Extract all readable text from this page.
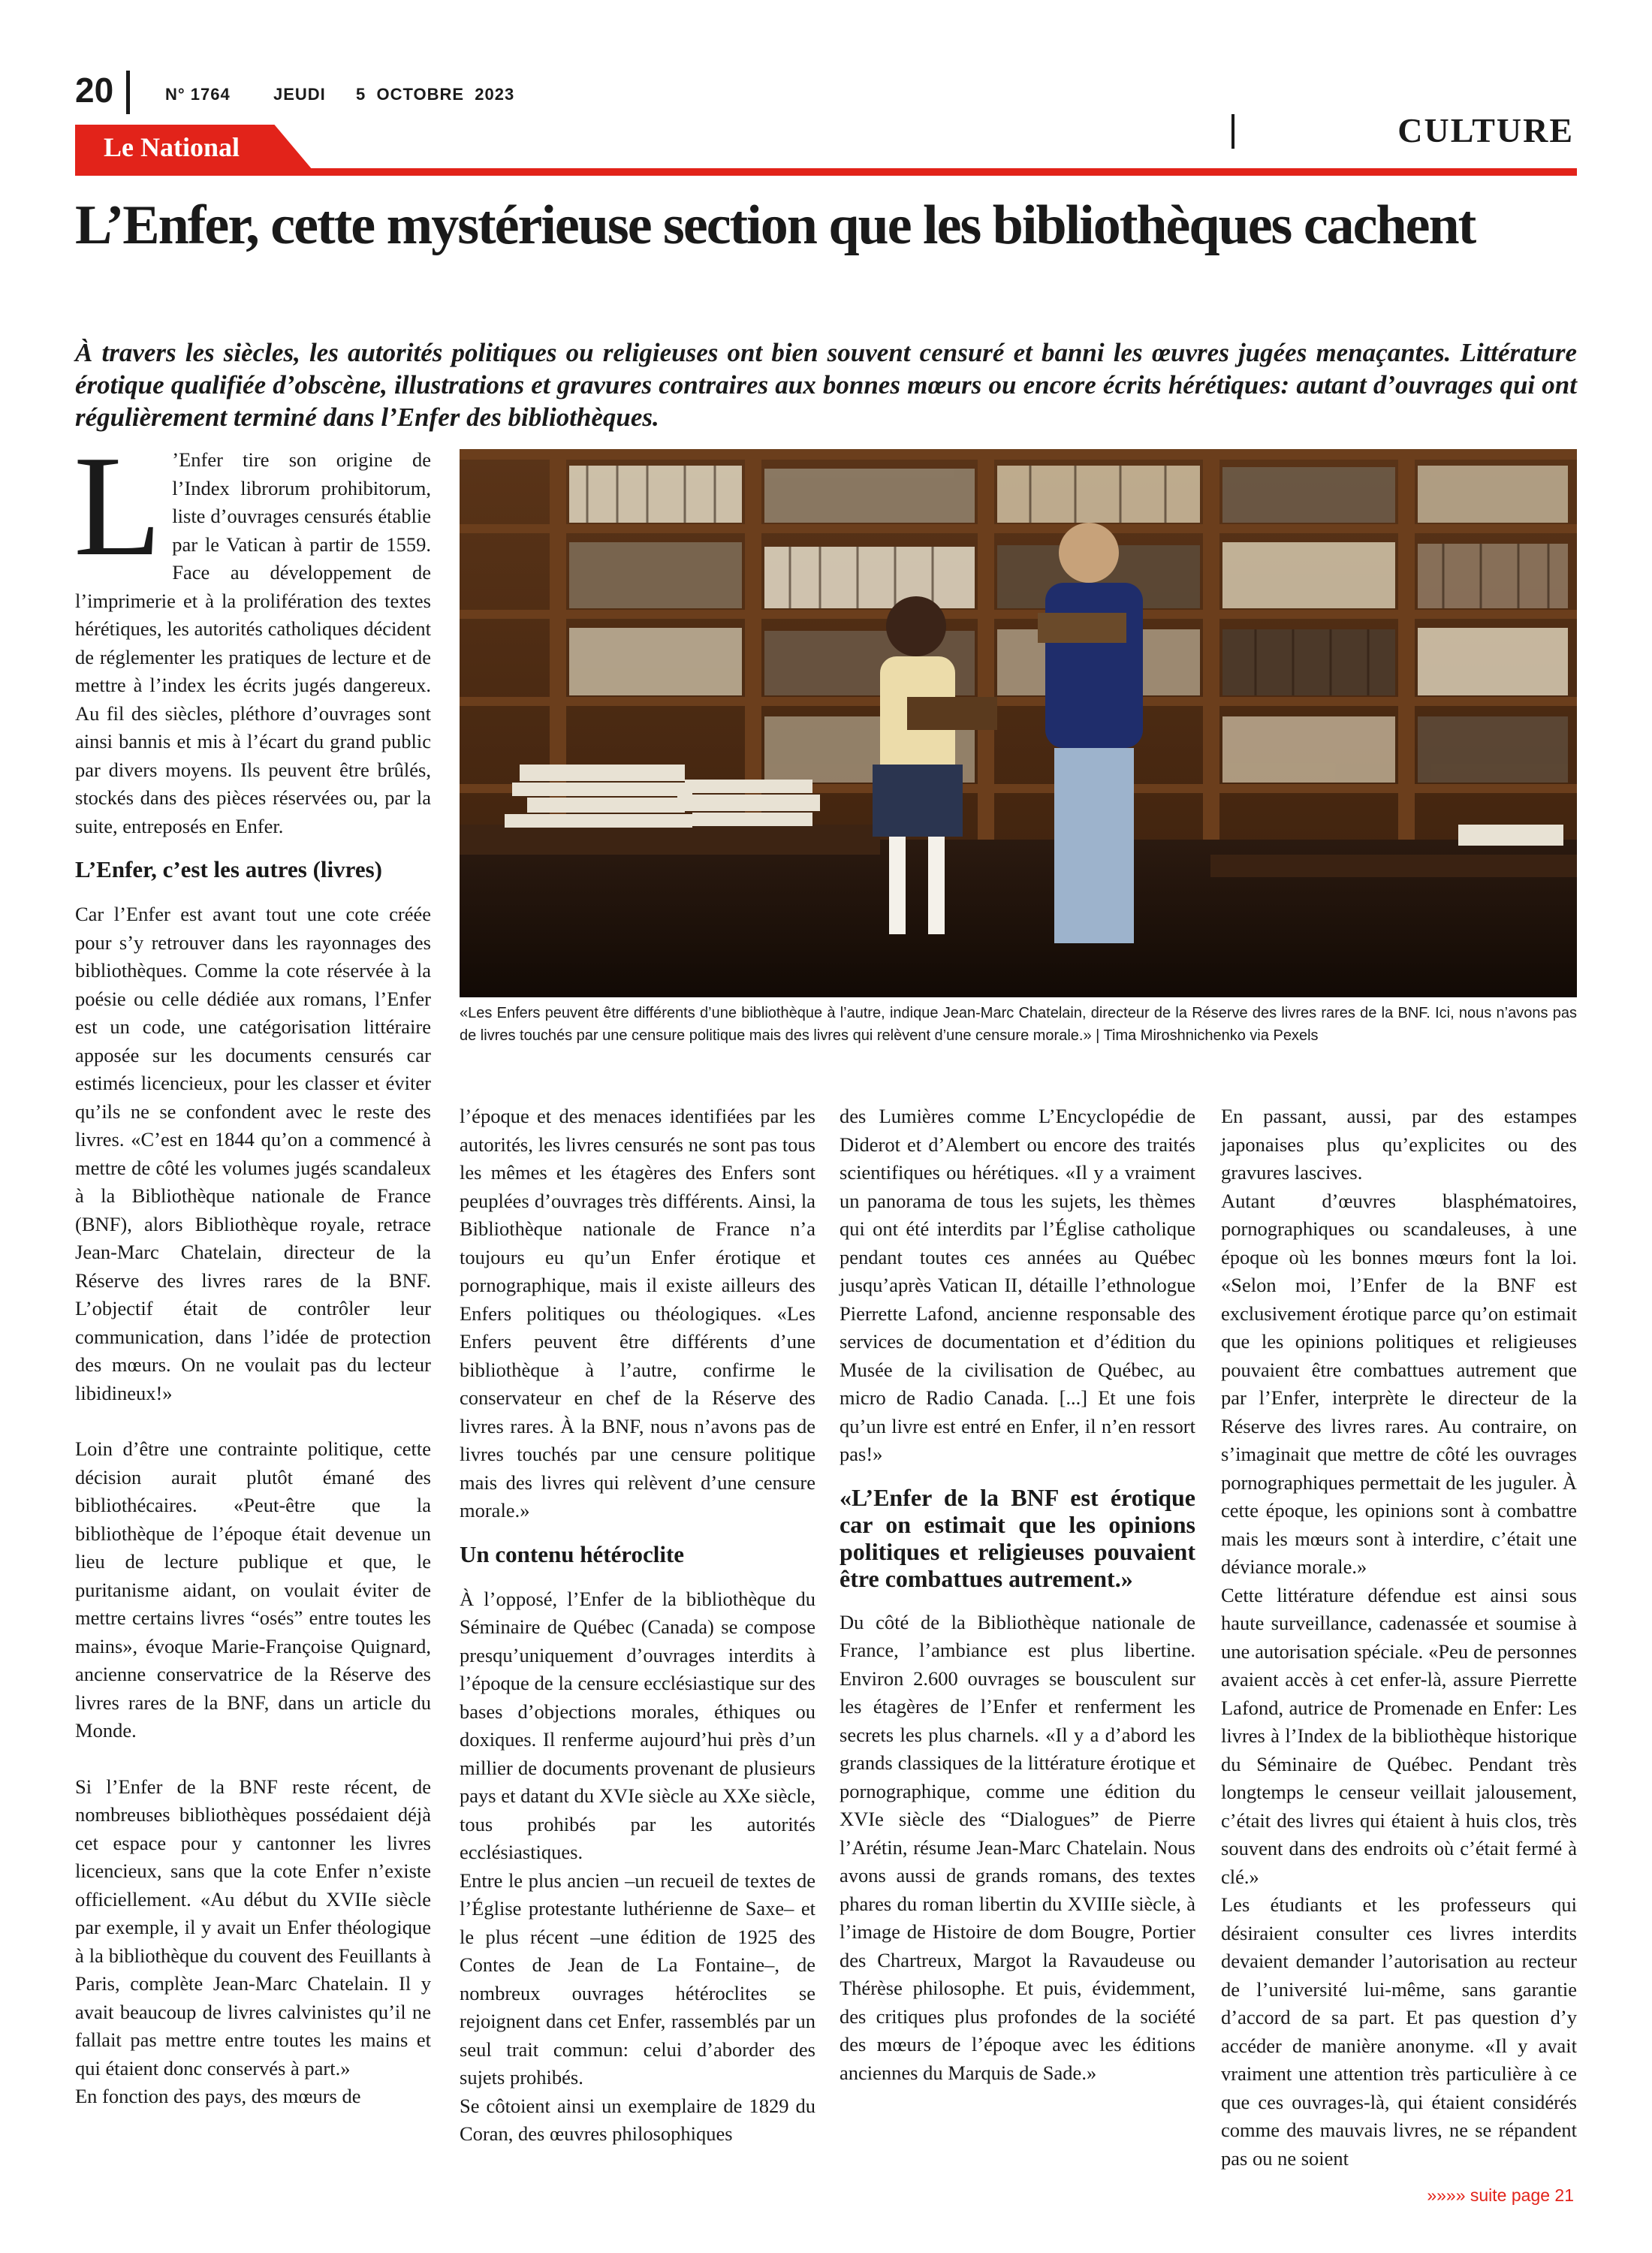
20	N° 1764	JEUDI 5  OCTOBRE  2023
CULTURE
Le National
L’Enfer, cette mystérieuse section que les bibliothèques cachent

À travers les siècles, les autorités politiques ou religieuses ont bien souvent censuré et banni les œuvres jugées menaçantes. Littérature érotique qualifiée d’obscène, illustrations et gravures contraires aux bonnes mœurs ou encore écrits hérétiques: autant d’ouvrages qui ont régulièrement terminé dans l’Enfer des bibliothèques.

L ’Enfer tire son origine de l’Index librorum prohibitorum, liste d’ouvrages censurés établie par le Vatican à partir de 1559. Face au développement de l’imprimerie et à la prolifération des textes hérétiques, les autorités catholiques décident de réglementer les pratiques de lecture et de mettre à l’index les écrits jugés dangereux. Au fil des siècles, pléthore d’ouvrages sont ainsi bannis et mis à l’écart du grand public par divers moyens. Ils peuvent être brûlés, stockés dans des pièces réservées ou, par la suite, entreposés en Enfer.

L’Enfer, c’est les autres (livres)

Car l’Enfer est avant tout une cote créée pour s’y retrouver dans les rayonnages des bibliothèques. Comme la cote réservée à la poésie ou celle dédiée aux romans, l’Enfer est un code, une catégorisation littéraire apposée sur les documents censurés car estimés licencieux, pour les classer et éviter qu’ils ne se confondent avec le reste des livres. «C’est en 1844 qu’on a commencé à mettre de côté les volumes jugés scandaleux à la Bibliothèque nationale de France (BNF), alors Bibliothèque royale, retrace Jean-Marc Chatelain, directeur de la Réserve des livres rares de la BNF. L’objectif était de contrôler leur communication, dans l’idée de protection des mœurs. On ne voulait pas du lecteur libidineux!»

Loin d’être une contrainte politique, cette décision aurait plutôt émané des bibliothécaires. «Peut-être que la bibliothèque de l’époque était devenue un lieu de lecture publique et que, le puritanisme aidant, on voulait éviter de mettre certains livres “osés” entre toutes les mains», évoque Marie-Françoise Quignard, ancienne conservatrice de la Réserve des livres rares de la BNF, dans un article du Monde.

Si l’Enfer de la BNF reste récent, de nombreuses bibliothèques possédaient déjà cet espace pour y cantonner les livres licencieux, sans que la cote Enfer n’existe officiellement. «Au début du XVIIe siècle par exemple, il y avait un Enfer théologique à la bibliothèque du couvent des Feuillants à Paris, complète Jean-Marc Chatelain. Il y avait beaucoup de livres calvinistes qu’il ne fallait pas mettre entre toutes les mains et qui étaient donc conservés à part.»

En fonction des pays, des mœurs de

«Les Enfers peuvent être différents d’une bibliothèque à l’autre, indique Jean-Marc Chatelain, directeur de la Réserve des livres rares de la BNF. Ici, nous n’avons pas de livres touchés par une censure politique mais des livres qui relèvent d’une censure morale.» | Tima Miroshnichenko via Pexels

l’époque et des menaces identifiées par les autorités, les livres censurés ne sont pas tous les mêmes et les étagères des Enfers sont peuplées d’ouvrages très différents. Ainsi, la Bibliothèque nationale de France n’a toujours eu qu’un Enfer érotique et pornographique, mais il existe ailleurs des Enfers politiques ou théologiques. «Les Enfers peuvent être différents d’une bibliothèque à l’autre, confirme le conservateur en chef de la Réserve des livres rares. À la BNF, nous n’avons pas de livres touchés par une censure politique mais des livres qui relèvent d’une censure morale.»

Un contenu hétéroclite

À l’opposé, l’Enfer de la bibliothèque du Séminaire de Québec (Canada) se compose presqu’uniquement d’ouvrages interdits à l’époque de la censure ecclésiastique sur des bases d’objections morales, éthiques ou doxiques. Il renferme aujourd’hui près d’un millier de documents provenant de plusieurs pays et datant du XVIe siècle au XXe siècle, tous prohibés par les autorités ecclésiastiques.

Entre le plus ancien –un recueil de textes de l’Église protestante luthérienne de Saxe– et le plus récent –une édition de 1925 des Contes de Jean de La Fontaine–, de nombreux ouvrages hétéroclites se rejoignent dans cet Enfer, rassemblés par un seul trait commun: celui d’aborder des sujets prohibés.

Se côtoient ainsi un exemplaire de 1829 du Coran, des œuvres philosophiques

des Lumières comme L’Encyclopédie de Diderot et d’Alembert ou encore des traités scientifiques ou hérétiques. «Il y a vraiment un panorama de tous les sujets, les thèmes qui ont été interdits par l’Église catholique pendant toutes ces années au Québec jusqu’après Vatican II, détaille l’ethnologue Pierrette Lafond, ancienne responsable des services de documentation et d’édition du Musée de la civilisation de Québec, au micro de Radio Canada. [...] Et une fois qu’un livre est entré en Enfer, il n’en ressort pas!»

«L’Enfer de la BNF est érotique car on estimait que les opinions politiques et religieuses pouvaient être combattues autrement.»

Du côté de la Bibliothèque nationale de France, l’ambiance est plus libertine. Environ 2.600 ouvrages se bousculent sur les étagères de l’Enfer et renferment les secrets les plus charnels. «Il y a d’abord les grands classiques de la littérature érotique et pornographique, comme une édition du XVIe siècle des “Dialogues” de Pierre l’Arétin, résume Jean-Marc Chatelain. Nous avons aussi de grands romans, des textes phares du roman libertin du XVIIIe siècle, à l’image de Histoire de dom Bougre, Portier des Chartreux, Margot la Ravaudeuse ou Thérèse philosophe. Et puis, évidemment, des critiques plus profondes de la société des mœurs de l’époque avec les éditions anciennes du Marquis de Sade.»

En passant, aussi, par des estampes japonaises plus qu’explicites ou des gravures lascives.

Autant d’œuvres blasphématoires, pornographiques ou scandaleuses, à une époque où les bonnes mœurs font la loi. «Selon moi, l’Enfer de la BNF est exclusivement érotique parce qu’on estimait que les opinions politiques et religieuses pouvaient être combattues autrement que par l’Enfer, interprète le directeur de la Réserve des livres rares. Au contraire, on s’imaginait que mettre de côté les ouvrages pornographiques permettait de les juguler. À cette époque, les opinions sont à combattre mais les mœurs sont à interdire, c’était une déviance morale.»

Cette littérature défendue est ainsi sous haute surveillance, cadenassée et soumise à une autorisation spéciale. «Peu de personnes avaient accès à cet enfer-là, assure Pierrette Lafond, autrice de Promenade en Enfer: Les livres à l’Index de la bibliothèque historique du Séminaire de Québec. Pendant très longtemps le censeur veillait jalousement, c’était des livres qui étaient à huis clos, très souvent dans des endroits où c’était fermé à clé.»

Les étudiants et les professeurs qui désiraient consulter ces livres interdits devaient demander l’autorisation au recteur de l’université lui-même, sans garantie d’accord de sa part. Et pas question d’y accéder de manière anonyme. «Il y avait vraiment une attention très particulière à ce que ces ouvrages-là, qui étaient considérés comme des mauvais livres, ne se répandent pas ou ne soient

»»»» suite page 21
